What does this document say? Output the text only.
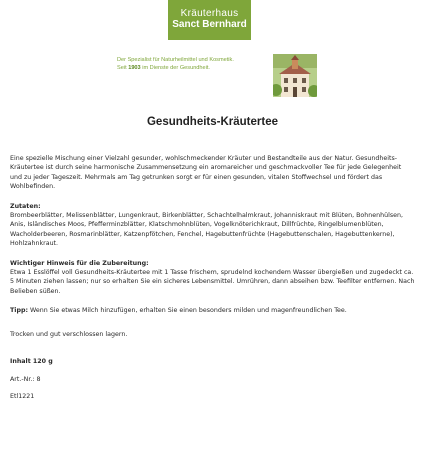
Kräuterhaus
Sanct Bernhard
Der Spezialist für Naturheilmittel und Kosmetik.
Seit 1903 im Dienste der Gesundheit.
Gesundheits-Kräutertee

Eine spezielle Mischung einer Vielzahl gesunder, wohlschmeckender Kräuter und Bestandteile aus der Natur. Gesundheits-Kräutertee ist durch seine harmonische Zusammensetzung ein aromareicher und geschmackvoller Tee für jede Gelegenheit und zu jeder Tageszeit. Mehrmals am Tag getrunken sorgt er für einen gesunden, vitalen Stoffwechsel und fördert das Wohlbefinden.

Zutaten:

Brombeerblätter, Melissenblätter, Lungenkraut, Birkenblätter, Schachtelhalmkraut, Johanniskraut mit Blüten, Bohnenhülsen, Anis, Isländisches Moos, Pfefferminzblätter, Klatschmohnblüten, Vogelknöterichkraut, Dillfrüchte, Ringelblumenblüten, Wacholderbeeren, Rosmarinblätter, Katzenpfötchen, Fenchel, Hagebuttenfrüchte (Hagebuttenschalen, Hagebuttenkerne), Hohlzahnkraut.

Wichtiger Hinweis für die Zubereitung:

Etwa 1 Esslöffel voll Gesundheits-Kräutertee mit 1 Tasse frischem, sprudelnd kochendem Wasser übergießen und zugedeckt ca. 5 Minuten ziehen lassen; nur so erhalten Sie ein sicheres Lebensmittel. Umrühren, dann abseihen bzw. Teefilter entfernen. Nach Belieben süßen.

Tipp: Wenn Sie etwas Milch hinzufügen, erhalten Sie einen besonders milden und magenfreundlichen Tee.

Trocken und gut verschlossen lagern.

Inhalt 120 g

Art.-Nr.: 8

Etl1221
